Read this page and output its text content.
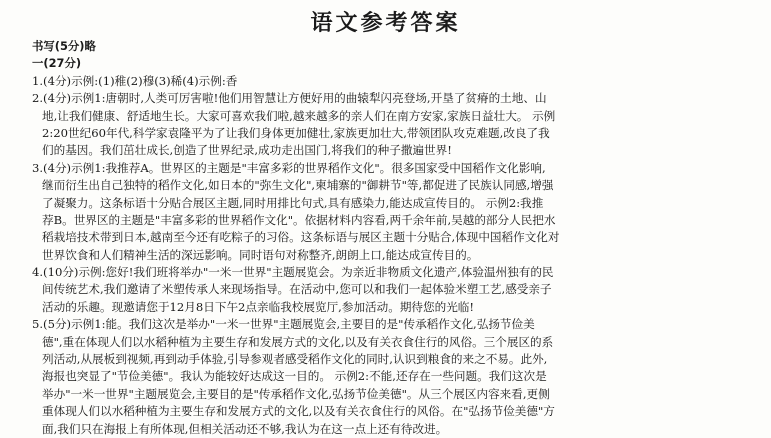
语文参考答案
书写(5分)略
一(27分)
1.(4分)示例:(1)稚(2)穆(3)稀(4)示例:香
2.(4分)示例1:唐朝时,人类可厉害啦!他们用智慧让方便好用的曲辕犁闪亮登场,开垦了贫瘠的土地、山
地,让我们健康、舒适地生长。大家可喜欢我们啦,越来越多的亲人们在南方安家,家族日益壮大。 示例
2:20世纪60年代,科学家袁隆平为了让我们身体更加健壮,家族更加壮大,带领团队攻克难题,改良了我
们的基因。我们茁壮成长,创造了世界纪录,成功走出国门,将我们的种子撒遍世界!
3.(4分)示例1:我推荐A。世界区的主题是"丰富多彩的世界稻作文化"。很多国家受中国稻作文化影响,
继而衍生出自己独特的稻作文化,如日本的"弥生文化",柬埔寨的"御耕节"等,都促进了民族认同感,增强
了凝聚力。这条标语十分贴合展区主题,同时用排比句式,具有感染力,能达成宣传目的。 示例2:我推
荐B。世界区的主题是"丰富多彩的世界稻作文化"。依据材料内容看,两千余年前,吴越的部分人民把水
稻栽培技术带到日本,越南至今还有吃粽子的习俗。这条标语与展区主题十分贴合,体现中国稻作文化对
世界饮食和人们精神生活的深远影响。同时语句对称整齐,朗朗上口,能达成宣传目的。
4.(10分)示例:您好!我们班将举办"一米一世界"主题展览会。为亲近非物质文化遗产,体验温州独有的民
间传统艺术,我们邀请了米塑传承人来现场指导。在活动中,您可以和我们一起体验米塑工艺,感受亲子
活动的乐趣。现邀请您于12月8日下午2点亲临我校展览厅,参加活动。期待您的光临!
5.(5分)示例1:能。我们这次是举办"一米一世界"主题展览会,主要目的是"传承稻作文化,弘扬节俭美
德",重在体现人们以水稻种植为主要生存和发展方式的文化,以及有关衣食住行的风俗。三个展区的系
列活动,从展板到视频,再到动手体验,引导参观者感受稻作文化的同时,认识到粮食的来之不易。此外,
海报也突显了"节俭美德"。我认为能较好达成这一目的。 示例2:不能,还存在一些问题。我们这次是
举办"一米一世界"主题展览会,主要目的是"传承稻作文化,弘扬节俭美德"。从三个展区内容来看,更侧
重体现人们以水稻种植为主要生存和发展方式的文化,以及有关衣食住行的风俗。在"弘扬节俭美德"方
面,我们只在海报上有所体现,但相关活动还不够,我认为在这一点上还有待改进。
